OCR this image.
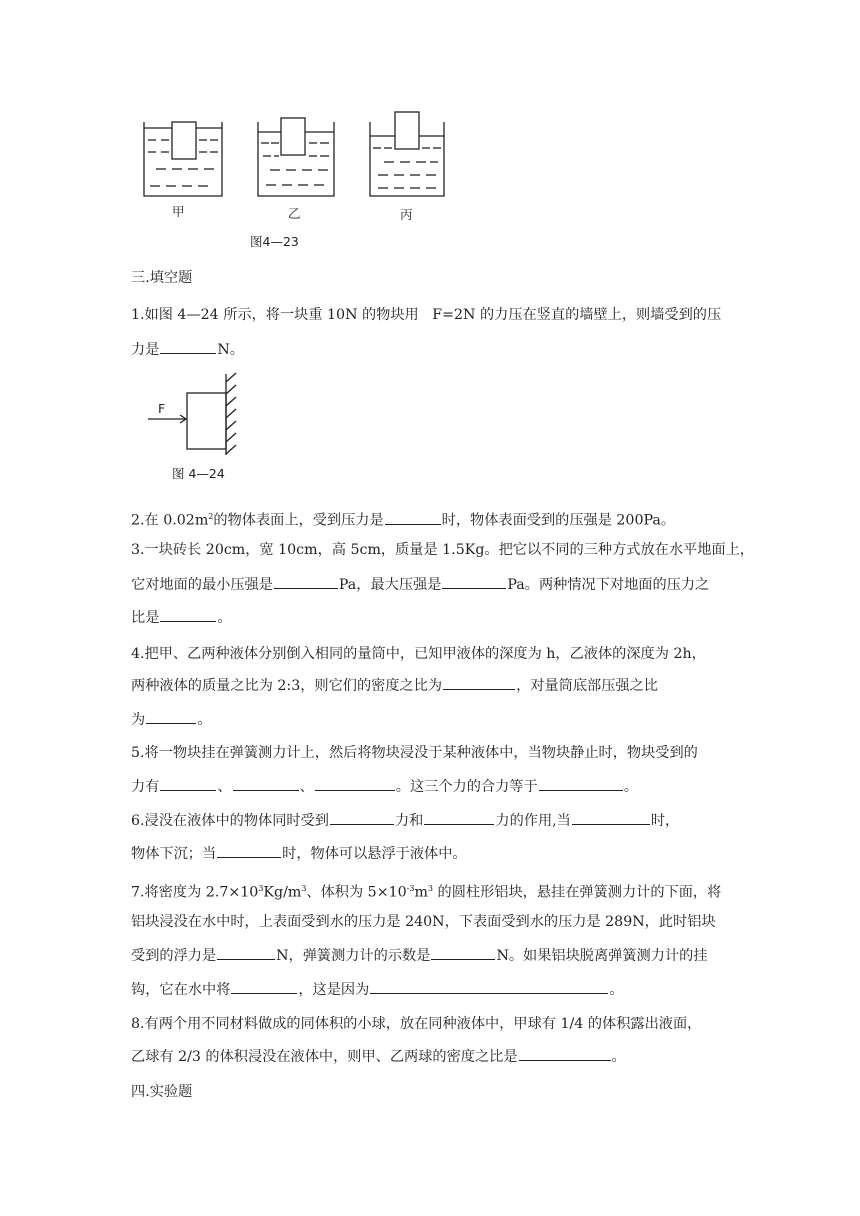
甲	乙	丙
图4—23
三.填空题
1.如图 4—24 所示，将一块重 10N 的物块用   F=2N 的力压在竖直的墙壁上，则墙受到的压
力是	N。
F
图 4—24
2.在 $0.02m^2$的物体表面上，受到压力是	时，物体表面受到的压强是 200Pa。
3.一块砖长 20cm，宽 10cm，高 5cm，质量是 1.5Kg。把它以不同的三种方式放在水平地面上，
它对地面的最小压强是	Pa，最大压强是	Pa。两种情况下对地面的压力之
比是	。
4.把甲、乙两种液体分别倒入相同的量筒中，已知甲液体的深度为 h，乙液体的深度为 2h，
两种液体的质量之比为 2:3，则它们的密度之比为	，对量筒底部压强之比
为	。
5.将一物块挂在弹簧测力计上，然后将物块浸没于某种液体中，当物块静止时，物块受到的
力有	、	、	。这三个力的合力等于	。
6.浸没在液体中的物体同时受到	力和	力的作用,当	时，
物体下沉；当	时，物体可以悬浮于液体中。
7.将密度为 $2.7\times 10^3Kg/m^3$、体积为 $5\times 10^{-3}m^3$ 的圆柱形铝块，悬挂在弹簧测力计的下面，将
铝块浸没在水中时，上表面受到水的压力是 240N，下表面受到水的压力是 289N，此时铝块
受到的浮力是	N，弹簧测力计的示数是	N。如果铝块脱离弹簧测力计的挂
钩，它在水中将	，这是因为	。
8.有两个用不同材料做成的同体积的小球，放在同种液体中，甲球有 1/4 的体积露出液面，
乙球有 2/3 的体积浸没在液体中，则甲、乙两球的密度之比是	。
四.实验题
